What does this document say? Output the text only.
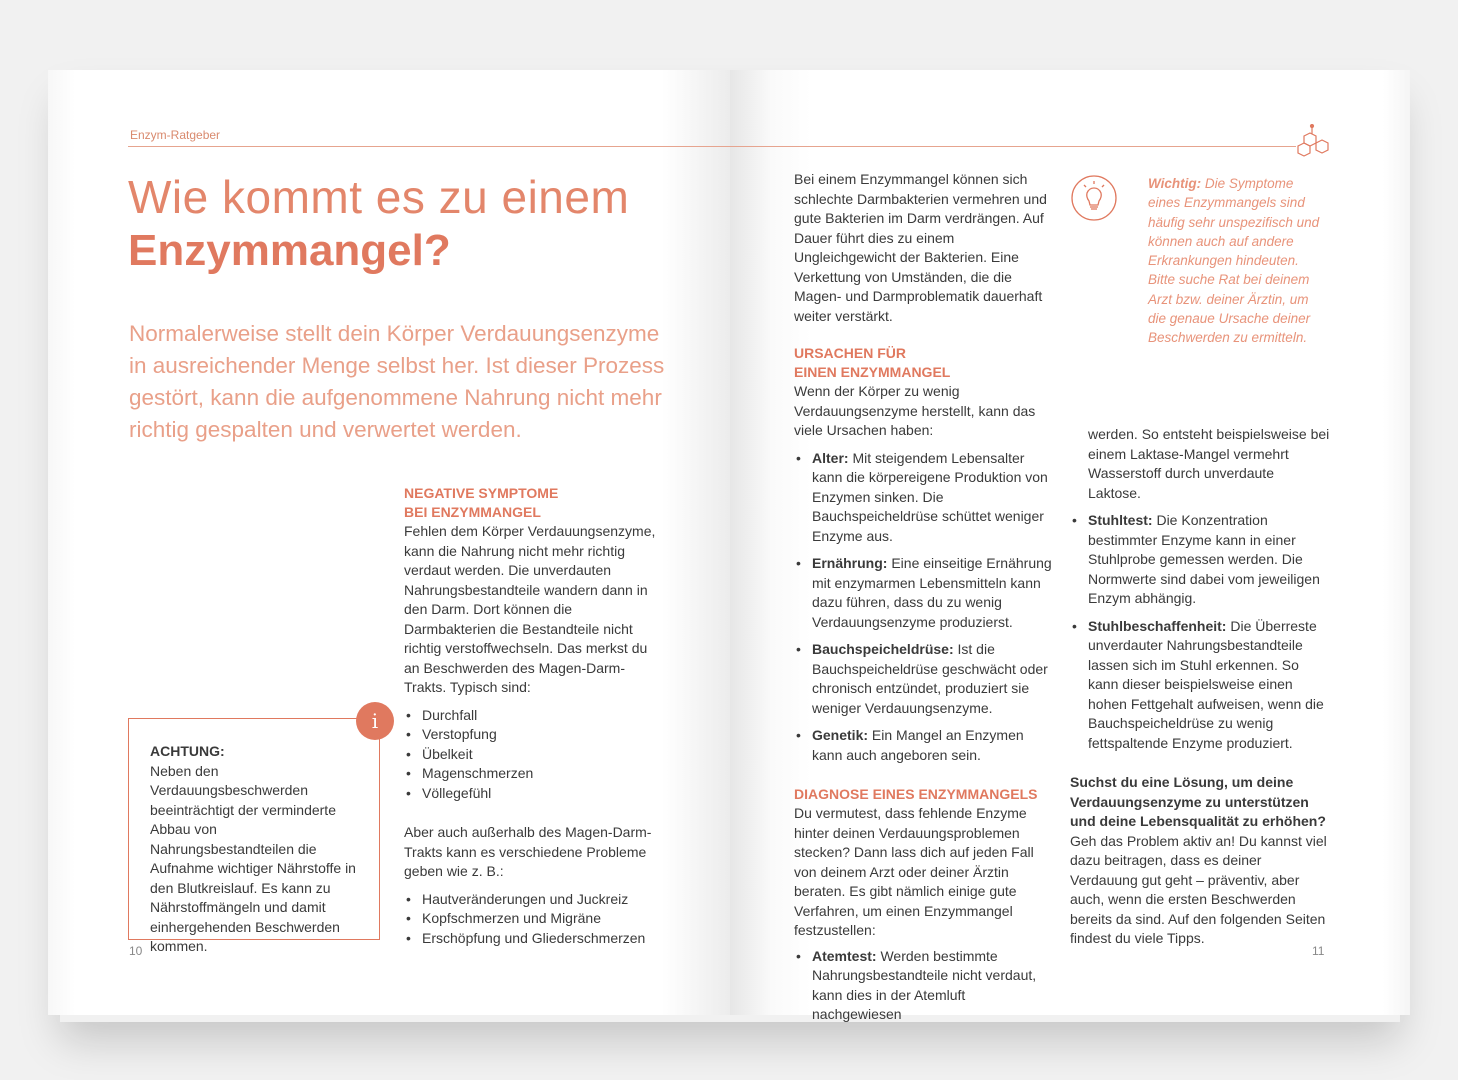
Enzym-Ratgeber
Wie kommt es zu einem
Enzymmangel?
Normalerweise stellt dein Körper Verdauungsenzyme in ausreichender Menge selbst her. Ist dieser Prozess gestört, kann die aufgenommene Nahrung nicht mehr richtig gespalten und verwertet werden.
NEGATIVE SYMPTOME
BEI ENZYMMANGEL
Fehlen dem Körper Verdauungsenzyme, kann die Nahrung nicht mehr richtig verdaut werden. Die unverdauten Nahrungsbestandteile wandern dann in den Darm. Dort können die Darmbakterien die Bestandteile nicht richtig verstoffwechseln. Das merkst du an Beschwerden des Magen-Darm-Trakts. Typisch sind:
• Durchfall
• Verstopfung
• Übelkeit
• Magenschmerzen
• Völlegefühl
Aber auch außerhalb des Magen-Darm-Trakts kann es verschiedene Probleme geben wie z. B.:
• Hautveränderungen und Juckreiz
• Kopfschmerzen und Migräne
• Erschöpfung und Gliederschmerzen
i
ACHTUNG:
Neben den Verdauungsbeschwerden beeinträchtigt der verminderte Abbau von Nahrungsbestandteilen die Aufnahme wichtiger Nährstoffe in den Blutkreislauf. Es kann zu Nährstoffmängeln und damit einhergehenden Beschwerden kommen.
10
Bei einem Enzymmangel können sich schlechte Darmbakterien vermehren und gute Bakterien im Darm verdrängen. Auf Dauer führt dies zu einem Ungleichgewicht der Bakterien. Eine Verkettung von Umständen, die die Magen- und Darmproblematik dauerhaft weiter verstärkt.
URSACHEN FÜR
EINEN ENZYMMANGEL
Wenn der Körper zu wenig Verdauungsenzyme herstellt, kann das viele Ursachen haben:
• Alter: Mit steigendem Lebensalter kann die körpereigene Produktion von Enzymen sinken. Die Bauchspeicheldrüse schüttet weniger Enzyme aus.
• Ernährung: Eine einseitige Ernährung mit enzymarmen Lebensmitteln kann dazu führen, dass du zu wenig Verdauungsenzyme produzierst.
• Bauchspeicheldrüse: Ist die Bauchspeicheldrüse geschwächt oder chronisch entzündet, produziert sie weniger Verdauungsenzyme.
• Genetik: Ein Mangel an Enzymen kann auch angeboren sein.
DIAGNOSE EINES ENZYMMANGELS
Du vermutest, dass fehlende Enzyme hinter deinen Verdauungsproblemen stecken? Dann lass dich auf jeden Fall von deinem Arzt oder deiner Ärztin beraten. Es gibt nämlich einige gute Verfahren, um einen Enzymmangel festzustellen:
• Atemtest: Werden bestimmte Nahrungsbestandteile nicht verdaut, kann dies in der Atemluft nachgewiesen
Wichtig: Die Symptome eines Enzymmangels sind häufig sehr unspezifisch und können auch auf andere Erkrankungen hindeuten. Bitte suche Rat bei deinem Arzt bzw. deiner Ärztin, um die genaue Ursache deiner Beschwerden zu ermitteln.
werden. So entsteht beispielsweise bei einem Laktase-Mangel vermehrt Wasserstoff durch unverdaute Laktose.
• Stuhltest: Die Konzentration bestimmter Enzyme kann in einer Stuhlprobe gemessen werden. Die Normwerte sind dabei vom jeweiligen Enzym abhängig.
• Stuhlbeschaffenheit: Die Überreste unverdauter Nahrungsbestandteile lassen sich im Stuhl erkennen. So kann dieser beispielsweise einen hohen Fettgehalt aufweisen, wenn die Bauchspeicheldrüse zu wenig fettspaltende Enzyme produziert.
Suchst du eine Lösung, um deine Verdauungsenzyme zu unterstützen und deine Lebensqualität zu erhöhen?
Geh das Problem aktiv an! Du kannst viel dazu beitragen, dass es deiner Verdauung gut geht – präventiv, aber auch, wenn die ersten Beschwerden bereits da sind. Auf den folgenden Seiten findest du viele Tipps.
11
